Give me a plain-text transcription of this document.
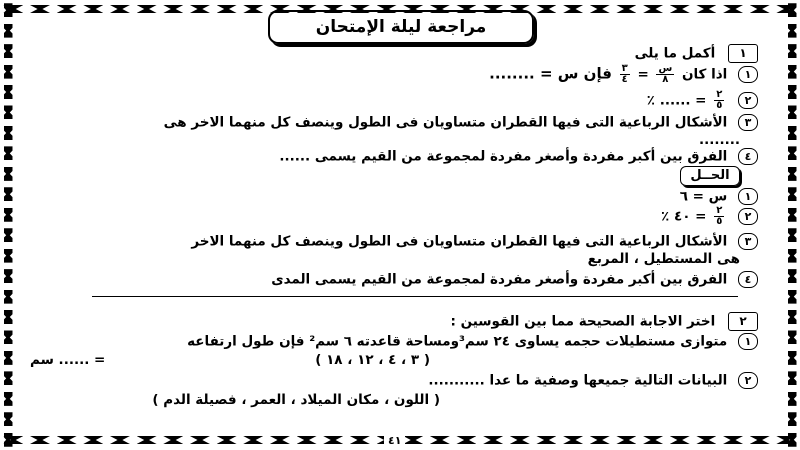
مراجعة ليلة الإمتحان
١ أكمل ما يلى
١ اذا كان
$\frac{\text{س}}{٨}$
=
$\frac{٣}{٤}$
فإن س = ........
٢
$\frac{٢}{٥}$
= ...... ٪
٣ الأشكال الرباعية التى فيها القطران متساويان فى الطول وينصف كل منهما الاخر هى
........
٤ الفرق بين أكبر مفردة وأصغر مفردة لمجموعة من القيم يسمى ......
الحــل
١ س = ٦
٢
$\frac{٢}{٥}$
= ٤٠ ٪
٣ الأشكال الرباعية التى فيها القطران متساويان فى الطول وينصف كل منهما الاخر
هى المستطيل ، المربع
٤ الفرق بين أكبر مفردة وأصغر مفردة لمجموعة من القيم يسمى المدى
٢ اختر الاجابة الصحيحة مما بين القوسين :
١ متوازى مستطيلات حجمه يساوى ٢٤ سم³ومساحة قاعدته ٦ سم² فإن طول ارتفاعه
= ...... سم	( ٣ ، ٤ ، ١٢ ، ١٨ )
٢ البيانات التالية جميعها وصفية ما عدا ...........
( اللون ، مكان الميلاد ، العمر ، فصيلة الدم )
٤١
